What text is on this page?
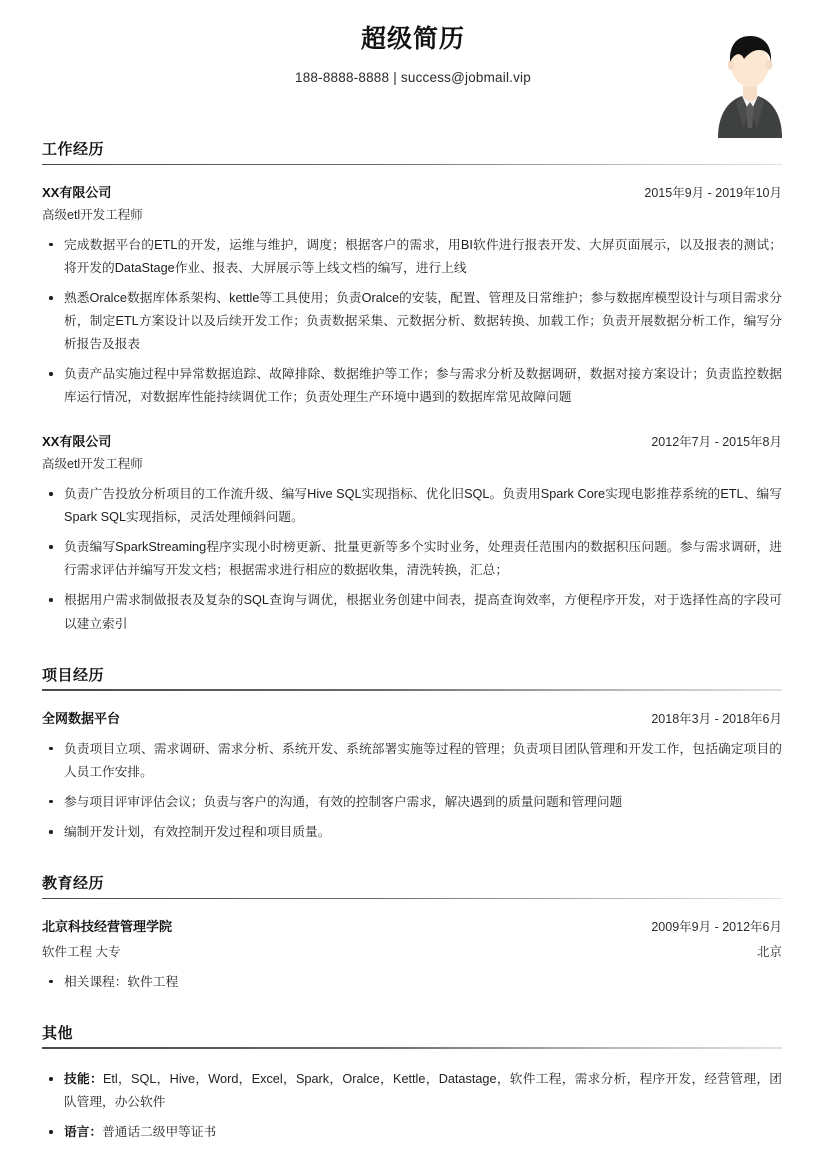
超级简历
188-8888-8888 | success@jobmail.vip
工作经历
XX有限公司	2015年9月 - 2019年10月
高级etl开发工程师
完成数据平台的ETL的开发，运维与维护，调度；根据客户的需求，用BI软件进行报表开发、大屏页面展示，以及报表的测试；将开发的DataStage作业、报表、大屏展示等上线文档的编写，进行上线
熟悉Oralce数据库体系架构、kettle等工具使用；负责Oralce的安装，配置、管理及日常维护；参与数据库模型设计与项目需求分析，制定ETL方案设计以及后续开发工作；负责数据采集、元数据分析、数据转换、加载工作；负责开展数据分析工作，编写分析报告及报表
负责产品实施过程中异常数据追踪、故障排除、数据维护等工作；参与需求分析及数据调研，数据对接方案设计；负责监控数据库运行情况，对数据库性能持续调优工作；负责处理生产环境中遇到的数据库常见故障问题
XX有限公司	2012年7月 - 2015年8月
高级etl开发工程师
负责广告投放分析项目的工作流升级、编写Hive SQL实现指标、优化旧SQL。负责用Spark Core实现电影推荐系统的ETL、编写Spark SQL实现指标，灵活处理倾斜问题。
负责编写SparkStreaming程序实现小时榜更新、批量更新等多个实时业务，处理责任范围内的数据积压问题。参与需求调研，进行需求评估并编写开发文档；根据需求进行相应的数据收集，清洗转换，汇总；
根据用户需求制做报表及复杂的SQL查询与调优，根据业务创建中间表，提高查询效率，方便程序开发，对于选择性高的字段可以建立索引
项目经历
全网数据平台	2018年3月 - 2018年6月
负责项目立项、需求调研、需求分析、系统开发、系统部署实施等过程的管理；负责项目团队管理和开发工作，包括确定项目的人员工作安排。
参与项目评审评估会议；负责与客户的沟通，有效的控制客户需求，解决遇到的质量问题和管理问题
编制开发计划，有效控制开发过程和项目质量。
教育经历
北京科技经营管理学院	2009年9月 - 2012年6月
软件工程 大专	北京
相关课程：软件工程
其他
技能：Etl，SQL，Hive，Word，Excel，Spark，Oralce，Kettle，Datastage，软件工程，需求分析，程序开发，经营管理，团队管理，办公软件
语言：普通话二级甲等证书
